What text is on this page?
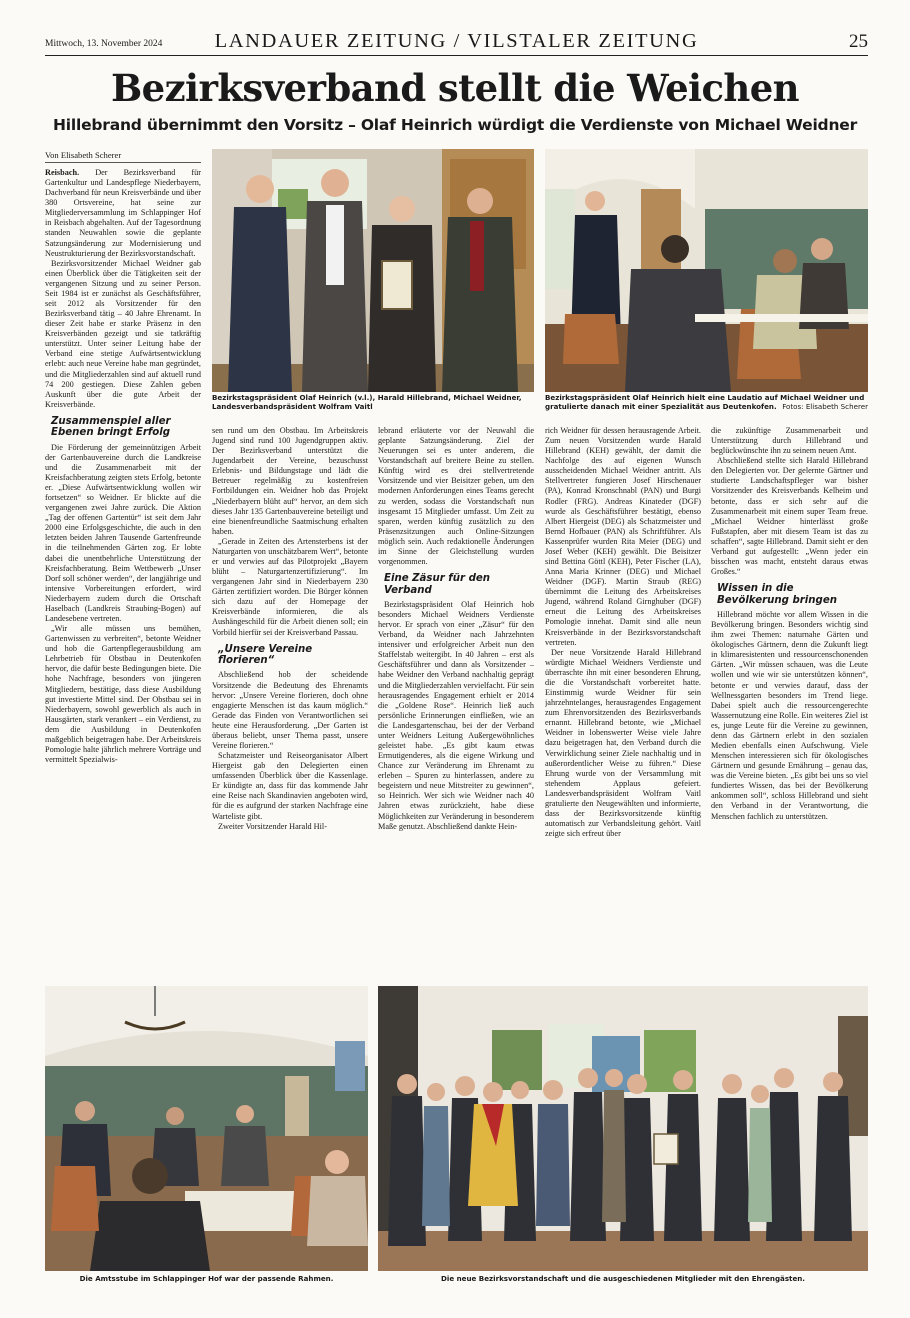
Mittwoch, 13. November 2024	LANDAUER ZEITUNG / VILSTALER ZEITUNG	25
Bezirksverband stellt die Weichen
Hillebrand übernimmt den Vorsitz – Olaf Heinrich würdigt die Verdienste von Michael Weidner
Von Elisabeth Scherer

Reisbach. Der Bezirksverband für Gartenkultur und Landespflege Niederbayern, Dachverband für neun Kreisverbände und über 380 Ortsvereine, hat seine zur Mitgliederversammlung im Schlappinger Hof in Reisbach abgehalten. Auf der Tagesordnung standen Neuwahlen sowie die geplante Satzungsänderung zur Modernisierung und Neustrukturierung der Bezirksvorstandschaft.

Bezirksvorsitzender Michael Weidner gab einen Überblick über die Tätigkeiten seit der vergangenen Sitzung und zu seiner Person. Seit 1984 ist er zunächst als Geschäftsführer, seit 2012 als Vorsitzender für den Bezirksverband tätig – 40 Jahre Ehrenamt. In dieser Zeit habe er starke Präsenz in den Kreisverbänden gezeigt und sie tatkräftig unterstützt. Unter seiner Leitung habe der Verband eine stetige Aufwärtsentwicklung erlebt: auch neue Vereine habe man gegründet, und die Mitgliederzahlen sind auf aktuell rund 74 200 gestiegen. Diese Zahlen geben Auskunft über die gute Arbeit der Kreisverbände.

Zusammenspiel aller Ebenen bringt Erfolg

Die Förderung der gemeinnützigen Arbeit der Gartenbauvereine durch die Landkreise und die Zusammenarbeit mit der Kreisfachberatung zeigten stets Erfolg, betonte er. „Diese Aufwärtsentwicklung wollen wir fortsetzen“ so Weidner. Er blickte auf die vergangenen zwei Jahre zurück. Die Aktion „Tag der offenen Gartentür“ ist seit dem Jahr 2000 eine Erfolgsgeschichte, die auch in den letzten beiden Jahren Tausende Gartenfreunde in die teilnehmenden Gärten zog. Er lobte dabei die unentbehrliche Unterstützung der Kreisfachberatung. Beim Wettbewerb „Unser Dorf soll schöner werden“, der langjährige und intensive Vorbereitungen erfordert, wird Niederbayern zudem durch die Ortschaft Haselbach (Landkreis Straubing-Bogen) auf Landesebene vertreten.

„Wir alle müssen uns bemühen, Gartenwissen zu verbreiten“, betonte Weidner und hob die Gartenpflegerausbildung am Lehrbetrieb für Obstbau in Deutenkofen hervor, die dafür beste Bedingungen biete. Die hohe Nachfrage, besonders von jüngeren Mitgliedern, bestätige, dass diese Ausbildung gut investierte Mittel sind. Der Obstbau sei in Niederbayern, sowohl gewerblich als auch in Hausgärten, stark verankert – ein Verdienst, zu dem die Ausbildung in Deutenkofen maßgeblich beigetragen habe. Der Arbeitskreis Pomologie halte jährlich mehrere Vorträge und vermittelt Spezialwis-

Bezirkstagspräsident Olaf Heinrich (v.l.), Harald Hillebrand, Michael Weidner, Landesverbandspräsident Wolfram Vaitl
Bezirkstagspräsident Olaf Heinrich hielt eine Laudatio auf Michael Weidner und gratulierte danach mit einer Spezialität aus Deutenkofen. Fotos: Elisabeth Scherer

sen rund um den Obstbau. Im Arbeitskreis Jugend sind rund 100 Jugendgruppen aktiv. Der Bezirksverband unterstützt die Jugendarbeit der Vereine, bezuschusst Erlebnis- und Bildungstage und lädt die Betreuer regelmäßig zu kostenfreien Fortbildungen ein. Weidner hob das Projekt „Niederbayern blüht auf“ hervor, an dem sich dieses Jahr 135 Gartenbauvereine beteiligt und eine bienenfreundliche Saatmischung erhalten haben.

„Gerade in Zeiten des Artensterbens ist der Naturgarten von unschätzbarem Wert“, betonte er und verwies auf das Pilotprojekt „Bayern blüht – Naturgartenzertifizierung“. Im vergangenen Jahr sind in Niederbayern 230 Gärten zertifiziert worden. Die Bürger können sich dazu auf der Homepage der Kreisverbände informieren, die als Aushängeschild für die Arbeit dienen soll; ein Vorbild hierfür sei der Kreisverband Passau.

„Unsere Vereine florieren“

Abschließend hob der scheidende Vorsitzende die Bedeutung des Ehrenamts hervor: „Unsere Vereine florieren, doch ohne engagierte Menschen ist das kaum möglich.“ Gerade das Finden von Verantwortlichen sei heute eine Herausforderung. „Der Garten ist überaus beliebt, unser Thema passt, unsere Vereine florieren.“

Schatzmeister und Reiseorganisator Albert Hiergeist gab den Delegierten einen umfassenden Überblick über die Kassenlage. Er kündigte an, dass für das kommende Jahr eine Reise nach Skandinavien angeboten wird, für die es aufgrund der starken Nachfrage eine Warteliste gibt.

Zweiter Vorsitzender Harald Hil-

lebrand erläuterte vor der Neuwahl die geplante Satzungsänderung. Ziel der Neuerungen sei es unter anderem, die Vorstandschaft auf breitere Beine zu stellen. Künftig wird es drei stellvertretende Vorsitzende und vier Beisitzer geben, um den modernen Anforderungen eines Teams gerecht zu werden, sodass die Vorstandschaft nun insgesamt 15 Mitglieder umfasst. Um Zeit zu sparen, werden künftig zusätzlich zu den Präsenzsitzungen auch Online-Sitzungen möglich sein. Auch redaktionelle Änderungen im Sinne der Gleichstellung wurden vorgenommen.

Eine Zäsur für den Verband

Bezirkstagspräsident Olaf Heinrich hob besonders Michael Weidners Verdienste hervor. Er sprach von einer „Zäsur“ für den Verband, da Weidner nach Jahrzehnten intensiver und erfolgreicher Arbeit nun den Staffelstab weitergibt. In 40 Jahren – erst als Geschäftsführer und dann als Vorsitzender – habe Weidner den Verband nachhaltig geprägt und die Mitgliederzahlen vervielfacht. Für sein herausragendes Engagement erhielt er 2014 die „Goldene Rose“. Heinrich ließ auch persönliche Erinnerungen einfließen, wie an die Landesgartenschau, bei der der Verband unter Weidners Leitung Außergewöhnliches geleistet habe. „Es gibt kaum etwas Ermutigenderes, als die eigene Wirkung und Chance zur Veränderung im Ehrenamt zu erleben – Spuren zu hinterlassen, andere zu begeistern und neue Mitstreiter zu gewinnen“, so Heinrich. Wer sich wie Weidner nach 40 Jahren etwas zurückzieht, habe diese Möglichkeiten zur Veränderung in besonderem Maße genutzt. Abschließend dankte Hein-

rich Weidner für dessen herausragende Arbeit. Zum neuen Vorsitzenden wurde Harald Hillebrand (KEH) gewählt, der damit die Nachfolge des auf eigenen Wunsch ausscheidenden Michael Weidner antritt. Als Stellvertreter fungieren Josef Hirschenauer (PA), Konrad Kronschnabl (PAN) und Burgi Rodler (FRG). Andreas Kinateder (DGF) wurde als Geschäftsführer bestätigt, ebenso Albert Hiergeist (DEG) als Schatzmeister und Bernd Hofbauer (PAN) als Schriftführer. Als Kassenprüfer wurden Rita Meier (DEG) und Josef Weber (KEH) gewählt. Die Beisitzer sind Bettina Göttl (KEH), Peter Fischer (LA), Anna Maria Krinner (DEG) und Michael Weidner (DGF). Martin Straub (REG) übernimmt die Leitung des Arbeitskreises Jugend, während Roland Girnghuber (DGF) erneut die Leitung des Arbeitskreises Pomologie innehat. Damit sind alle neun Kreisverbände in der Bezirksvorstandschaft vertreten.

Der neue Vorsitzende Harald Hillebrand würdigte Michael Weidners Verdienste und überraschte ihn mit einer besonderen Ehrung, die die Vorstandschaft vorbereitet hatte. Einstimmig wurde Weidner für sein jahrzehntelanges, herausragendes Engagement zum Ehrenvorsitzenden des Bezirksverbands ernannt. Hillebrand betonte, wie „Michael Weidner in lobenswerter Weise viele Jahre dazu beigetragen hat, den Verband durch die Verwirklichung seiner Ziele nachhaltig und in außerordentlicher Weise zu führen.“ Diese Ehrung wurde von der Versammlung mit stehendem Applaus gefeiert. Landesverbandspräsident Wolfram Vaitl gratulierte den Neugewählten und informierte, dass der Bezirksvorsitzende künftig automatisch zur Verbandsleitung gehört. Vaitl zeigte sich erfreut über

die zukünftige Zusammenarbeit und Unterstützung durch Hillebrand und beglückwünschte ihn zu seinem neuen Amt.

Abschließend stellte sich Harald Hillebrand den Delegierten vor. Der gelernte Gärtner und studierte Landschaftspfleger war bisher Vorsitzender des Kreisverbands Kelheim und betonte, dass er sich sehr auf die Zusammenarbeit mit einem super Team freue. „Michael Weidner hinterlässt große Fußstapfen, aber mit diesem Team ist das zu schaffen“, sagte Hillebrand. Damit sieht er den Verband gut aufgestellt: „Wenn jeder ein bisschen was macht, entsteht daraus etwas Großes.“

Wissen in die Bevölkerung bringen

Hillebrand möchte vor allem Wissen in die Bevölkerung bringen. Besonders wichtig sind ihm zwei Themen: naturnahe Gärten und ökologisches Gärtnern, denn die Zukunft liegt in klimaresistenten und ressourcenschonenden Gärten. „Wir müssen schauen, was die Leute wollen und wie wir sie unterstützen können“, betonte er und verwies darauf, dass der Wellnessgarten besonders im Trend liege. Dabei spielt auch die ressourcengerechte Wassernutzung eine Rolle. Ein weiteres Ziel ist es, junge Leute für die Vereine zu gewinnen, denn das Gärtnern erlebt in den sozialen Medien ebenfalls einen Aufschwung. Viele Menschen interessieren sich für ökologisches Gärtnern und gesunde Ernährung – genau das, was die Vereine bieten. „Es gibt bei uns so viel fundiertes Wissen, das bei der Bevölkerung ankommen soll“, schloss Hillebrand und sieht den Verband in der Verantwortung, die Menschen fachlich zu unterstützen.

Die Amtsstube im Schlappinger Hof war der passende Rahmen.	Die neue Bezirksvorstandschaft und die ausgeschiedenen Mitglieder mit den Ehrengästen.
